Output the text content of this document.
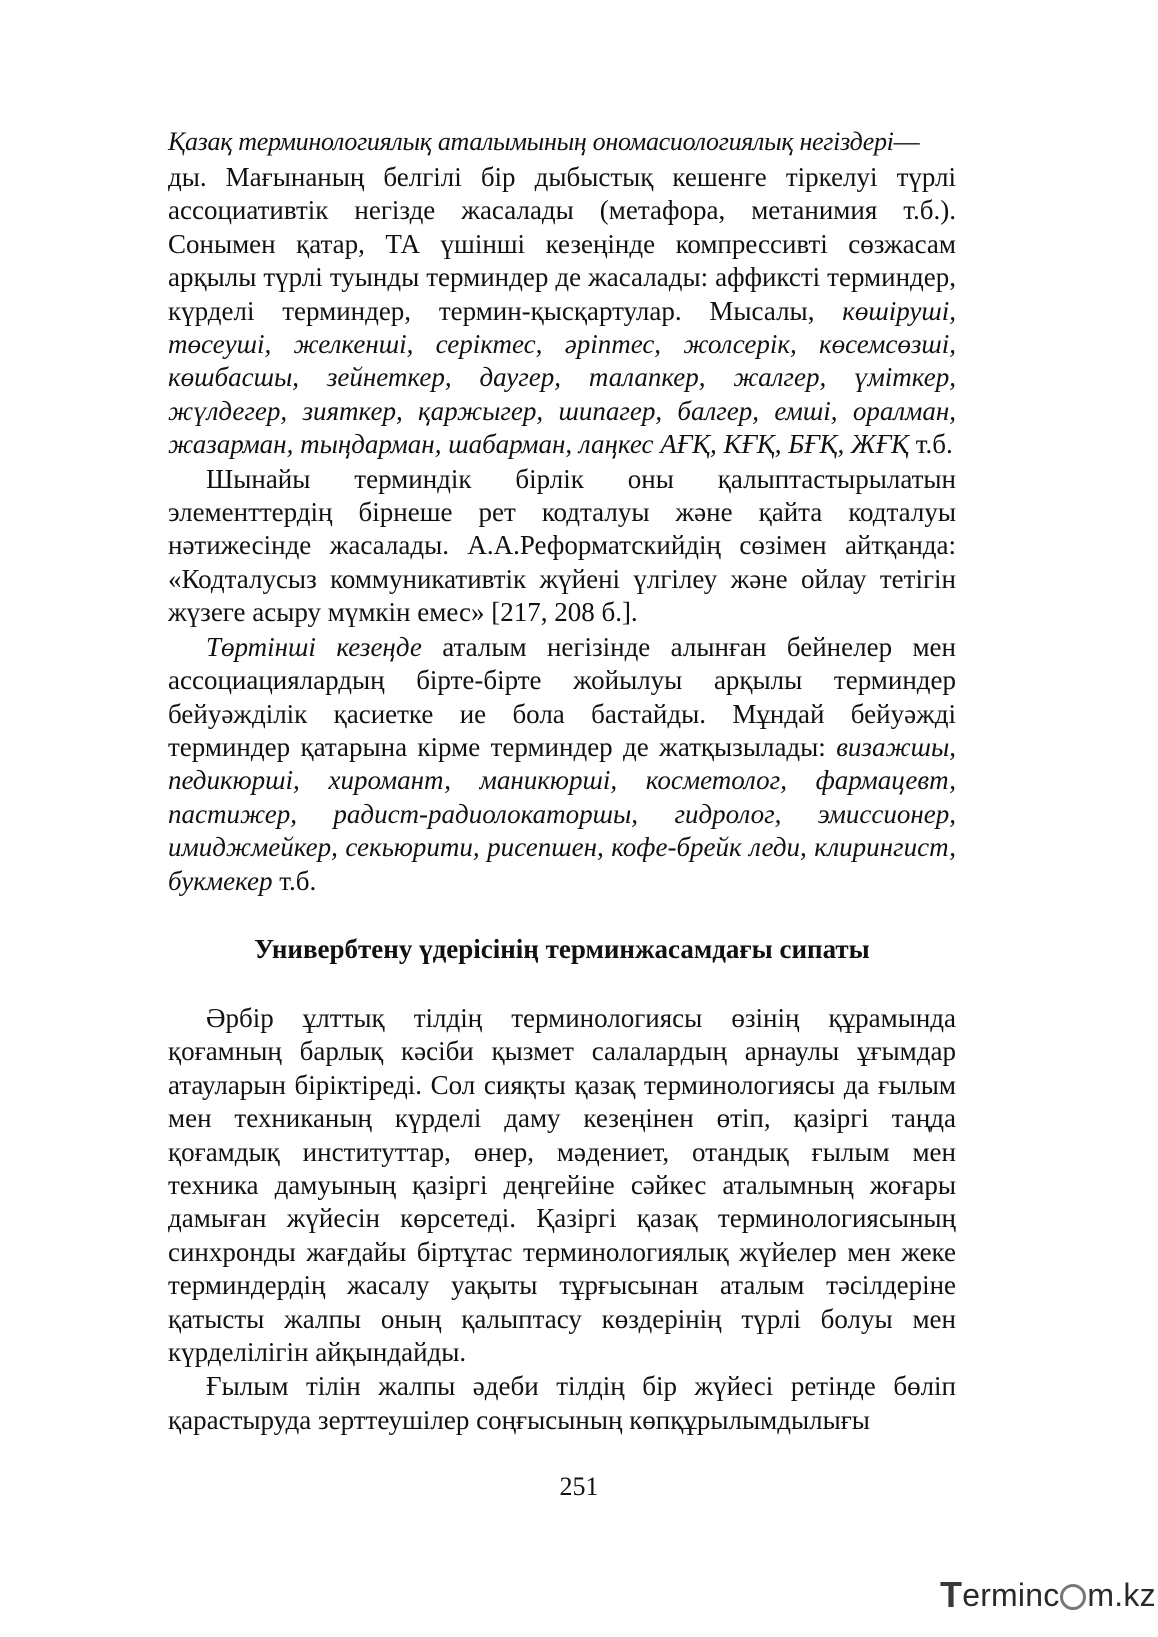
Қазақ терминологиялық аталымының ономасиологиялық негіздері—

ды. Мағынаның белгілі бір дыбыстық кешенге тіркелуі түрлі ассоциативтік негізде жасалады (метафора, метанимия т.б.). Сонымен қатар, ТА үшінші кезеңінде компрессивті сөзжасам арқылы түрлі туынды терминдер де жасалады: аффиксті терминдер, күрделі терминдер, термин-қысқартулар. Мысалы, көшіруші, төсеуші, желкенші, серіктес, әріптес, жолсерік, көсемсөзші, көшбасшы, зейнеткер, даугер, талапкер, жалгер, үміткер, жүлдегер, зияткер, қаржыгер, шипагер, балгер, емші, оралман, жазарман, тыңдарман, шабарман, лаңкес АҒҚ, КҒҚ, БҒҚ, ЖҒҚ т.б.

Шынайы терминдік бірлік оны қалыптастырылатын элементтердің бірнеше рет кодталуы және қайта кодталуы нәтижесінде жасалады. А.А.Реформатскийдің сөзімен айтқанда: «Кодталусыз коммуникативтік жүйені үлгілеу және ойлау тетігін жүзеге асыру мүмкін емес» [217, 208 б.].

Төртінші кезеңде аталым негізінде алынған бейнелер мен ассоциациялардың бірте-бірте жойылуы арқылы терминдер бейуәжділік қасиетке ие бола бастайды. Мұндай бейуәжді терминдер қатарына кірме терминдер де жатқызылады: визажшы, педикюрші, хиромант, маникюрші, косметолог, фармацевт, пастижер, радист-радиолокаторшы, гидролог, эмиссионер, имиджмейкер, секьюрити, рисепшен, кофе-брейк леди, клирингист, букмекер т.б.

Универбтену үдерісінің терминжасамдағы сипаты

Әрбір ұлттық тілдің терминологиясы өзінің құрамында қоғамның барлық кәсіби қызмет салалардың арнаулы ұғымдар атауларын біріктіреді. Сол сияқты қазақ терминологиясы да ғылым мен техниканың күрделі даму кезеңінен өтіп, қазіргі таңда қоғамдық институттар, өнер, мәдениет, отандық ғылым мен техника дамуының қазіргі деңгейіне сәйкес аталымның жоғары дамыған жүйесін көрсетеді. Қазіргі қазақ терминологиясының синхронды жағдайы біртұтас терминологиялық жүйелер мен жеке терминдердің жасалу уақыты тұрғысынан аталым тәсілдеріне қатысты жалпы оның қалыптасу көздерінің түрлі болуы мен күрделілігін айқындайды.

Ғылым тілін жалпы әдеби тілдің бір жүйесі ретінде бөліп қарастыруда зерттеушілер соңғысының көпқұрылымдылығы

251
T erminc m.kz
